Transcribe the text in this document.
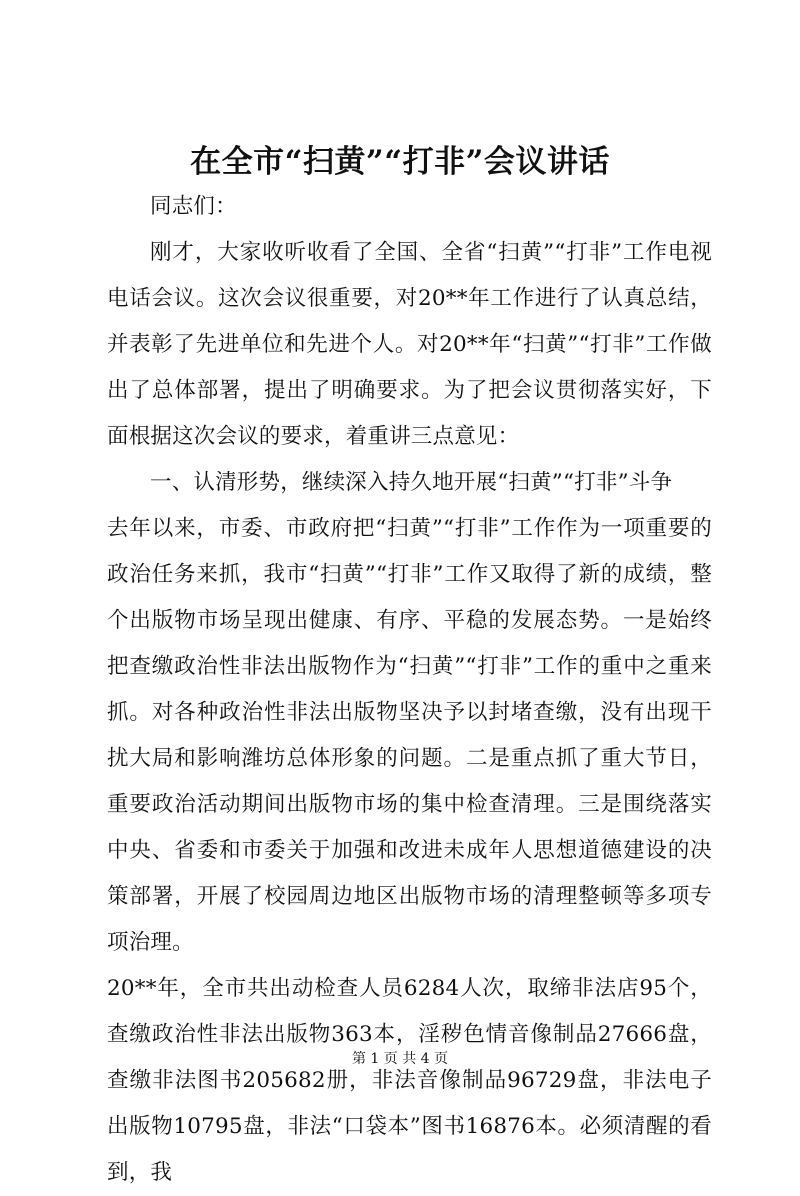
在全市“扫黄”“打非”会议讲话

同志们：

刚才，大家收听收看了全国、全省“扫黄”“打非”工作电视电话会议。这次会议很重要，对20**年工作进行了认真总结，并表彰了先进单位和先进个人。对20**年“扫黄”“打非”工作做出了总体部署，提出了明确要求。为了把会议贯彻落实好，下面根据这次会议的要求，着重讲三点意见：

一、认清形势，继续深入持久地开展“扫黄”“打非”斗争

去年以来，市委、市政府把“扫黄”“打非”工作作为一项重要的政治任务来抓，我市“扫黄”“打非”工作又取得了新的成绩，整个出版物市场呈现出健康、有序、平稳的发展态势。一是始终把查缴政治性非法出版物作为“扫黄”“打非”工作的重中之重来抓。对各种政治性非法出版物坚决予以封堵查缴，没有出现干扰大局和影响潍坊总体形象的问题。二是重点抓了重大节日，重要政治活动期间出版物市场的集中检查清理。三是围绕落实中央、省委和市委关于加强和改进未成年人思想道德建设的决策部署，开展了校园周边地区出版物市场的清理整顿等多项专项治理。

20**年，全市共出动检查人员6284人次，取缔非法店95个，查缴政治性非法出版物363本，淫秽色情音像制品27666盘，查缴非法图书205682册，非法音像制品96729盘，非法电子出版物10795盘，非法“口袋本”图书16876本。必须清醒的看到，我

第 1 页 共 4 页
